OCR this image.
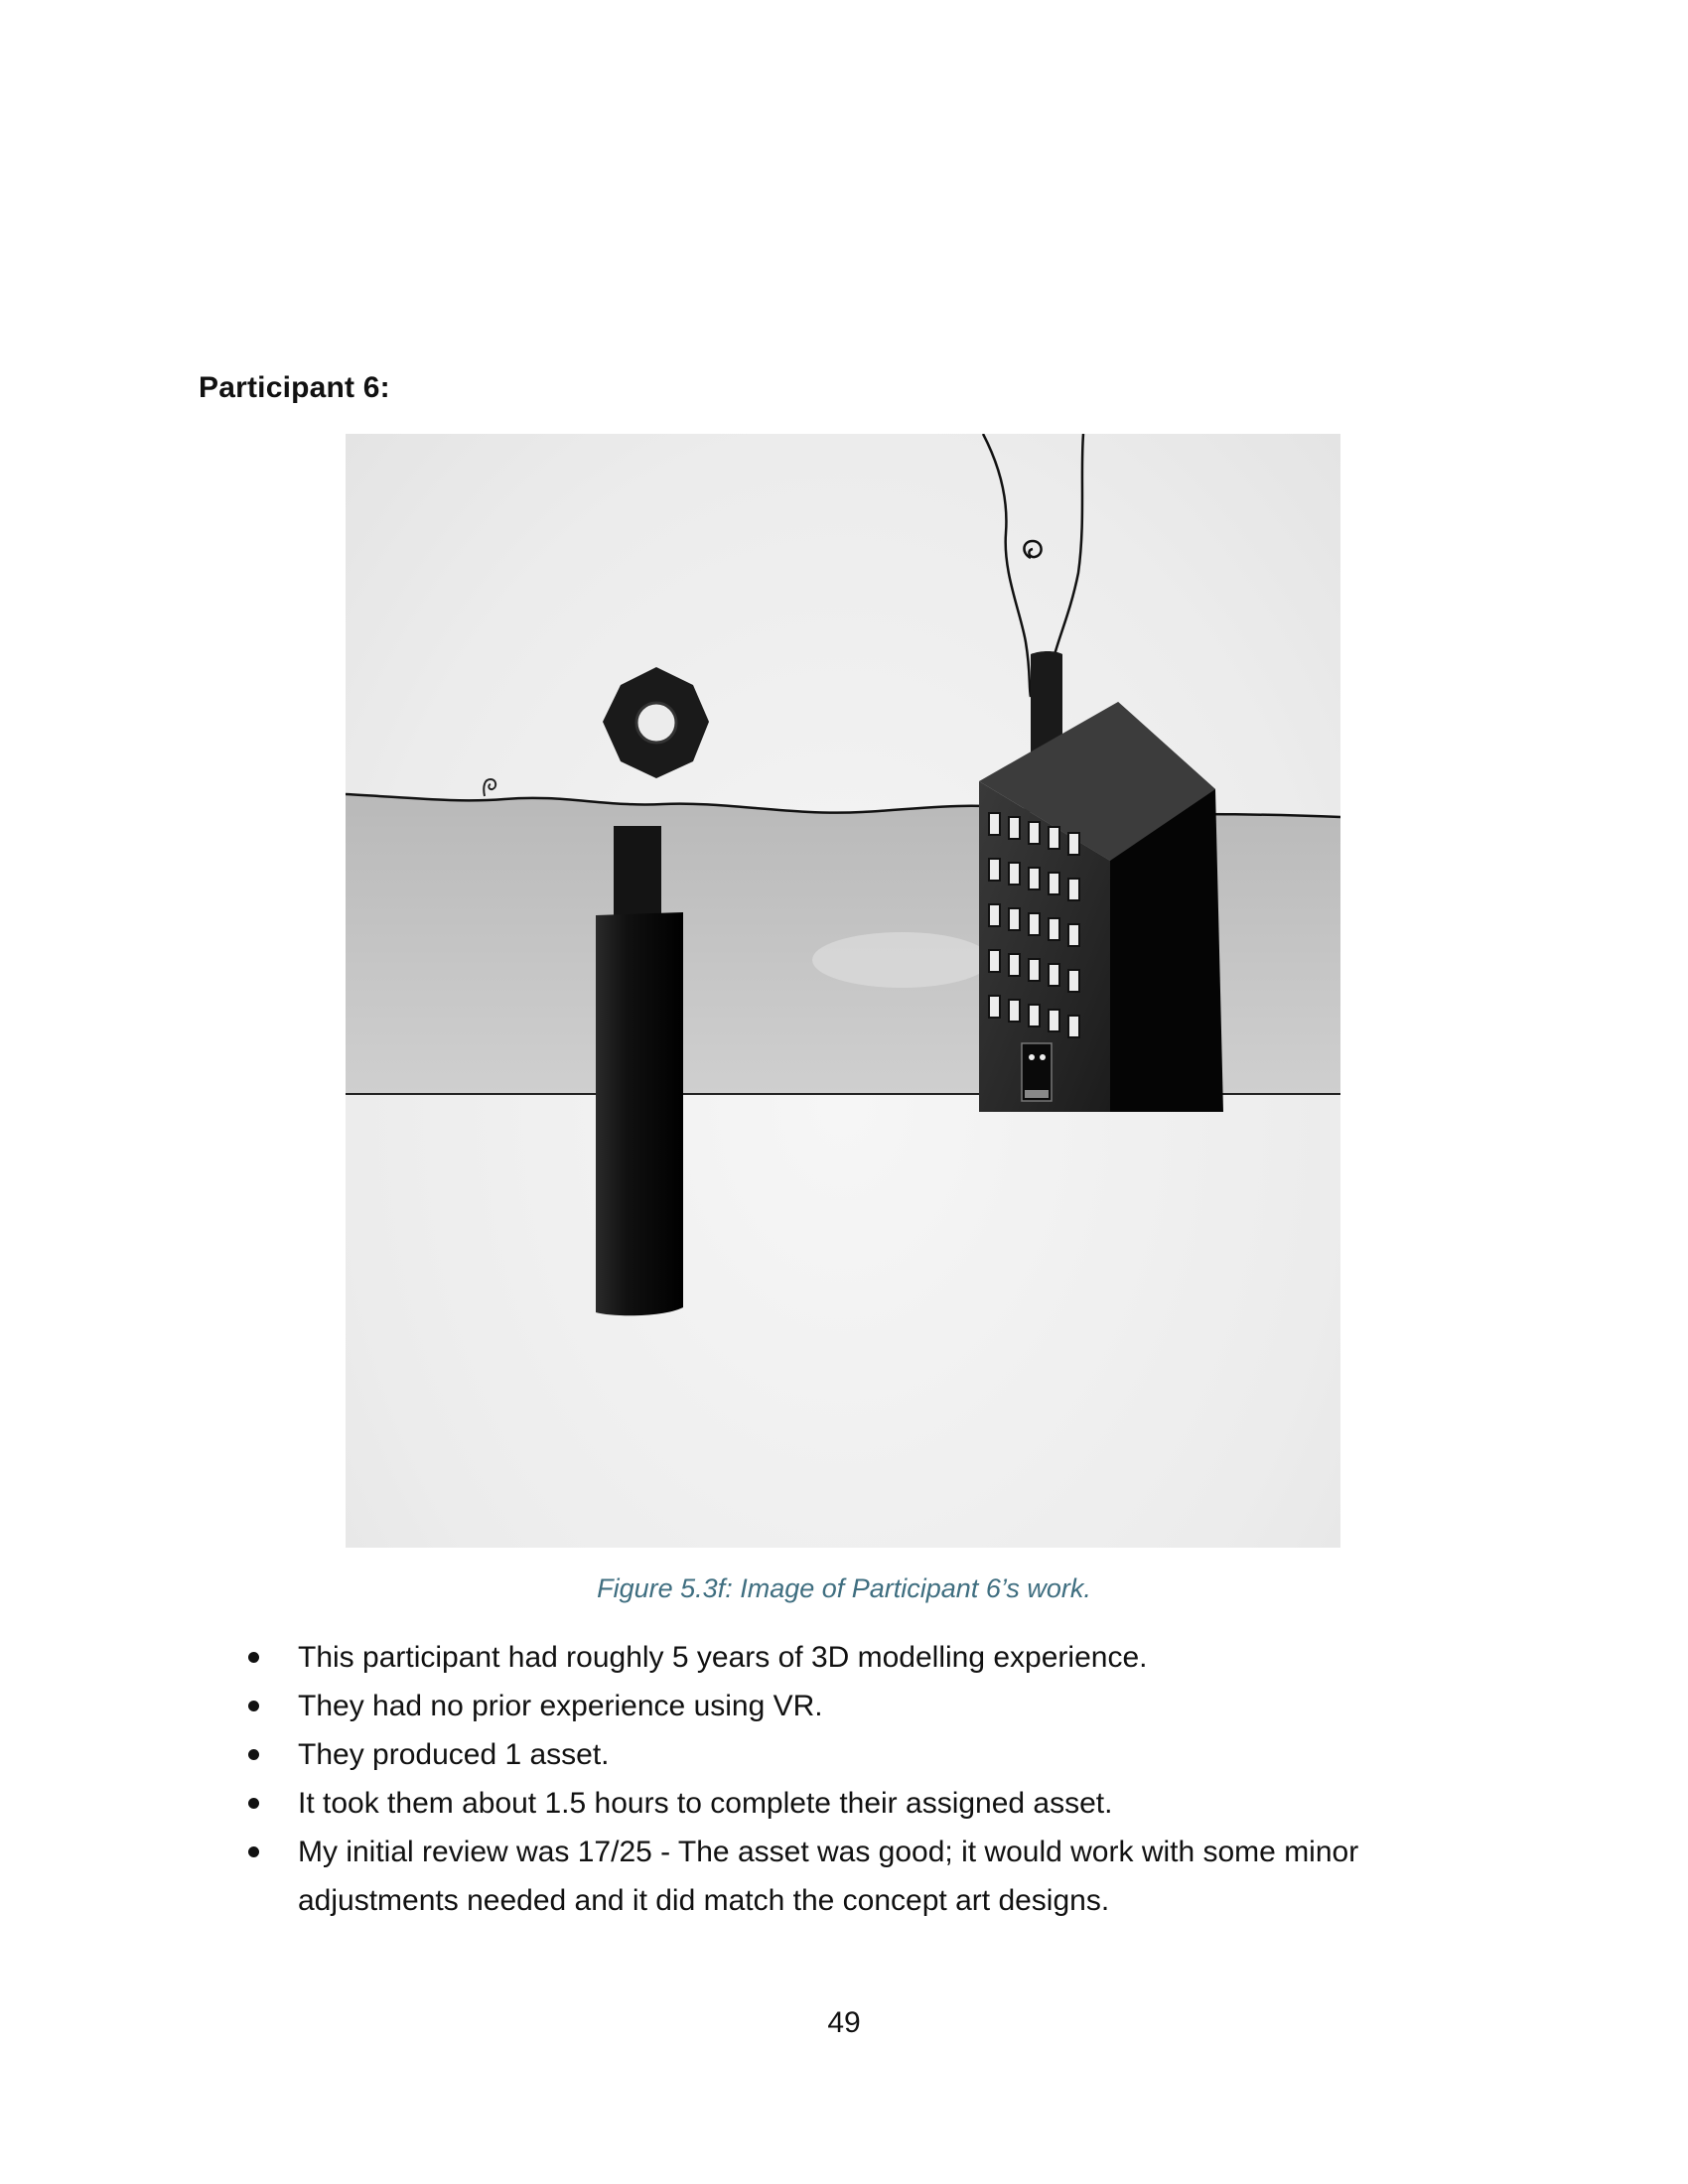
Participant 6:
Figure 5.3f: Image of Participant 6’s work.
This participant had roughly 5 years of 3D modelling experience.
They had no prior experience using VR.
They produced 1 asset.
It took them about 1.5 hours to complete their assigned asset.
My initial review was 17/25 - The asset was good; it would work with some minor adjustments needed and it did match the concept art designs.
49
